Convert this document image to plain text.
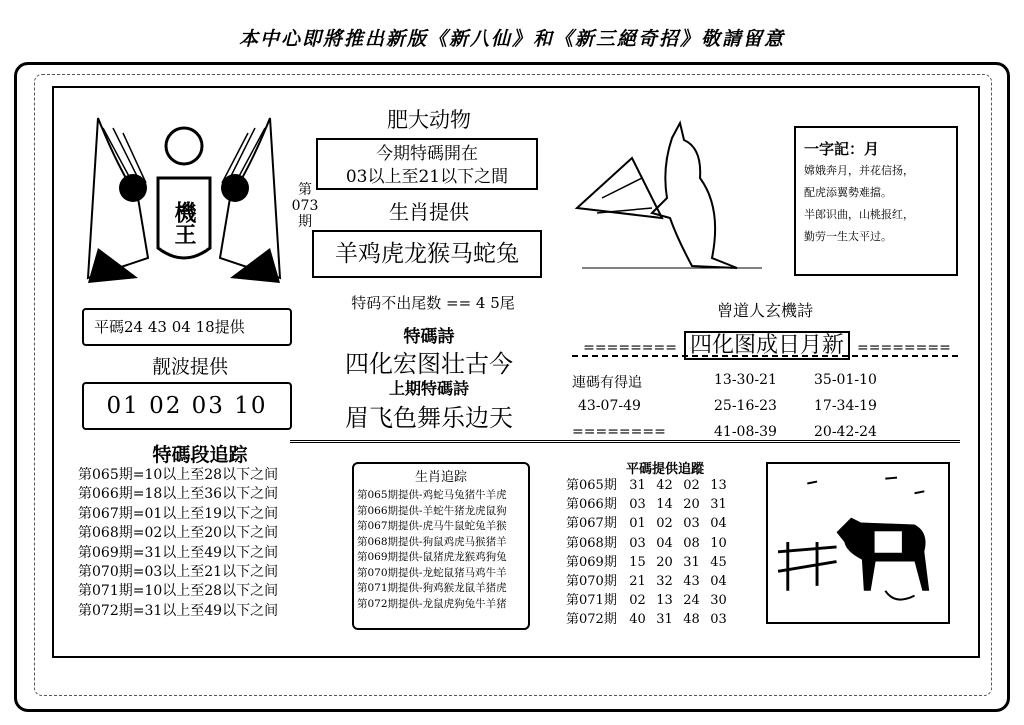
本中心即將推出新版《新八仙》和《新三絕奇招》敬請留意
機王
第
073
期
肥大动物
今期特碼開在
03以上至21以下之間
生肖提供
羊鸡虎龙猴马蛇兔
特码不出尾数 == 4 5尾
特碼詩
四化宏图壮古今
上期特碼詩
眉飞色舞乐边天
平碼24 43 04 18提供
靓波提供
01 02 03 10
一字記：月
嫦娥奔月，并花信扬，
配虎添翼勢难擋。
半郎识曲，山桃报红，
勤劳一生太平过。
曾道人玄機詩
======== 四化图成日月新 ========
連碼有得追	13-30-21	35-01-10
43-07-49	25-16-23	17-34-19
========	41-08-39	20-42-24
特碼段追踪
第065期=10以上至28以下之间
第066期=18以上至36以下之间
第067期=01以上至19以下之间
第068期=02以上至20以下之间
第069期=31以上至49以下之间
第070期=03以上至21以下之间
第071期=10以上至28以下之间
第072期=31以上至49以下之间
生肖追踪
第065期提供-鸡蛇马兔猪牛羊虎
第066期提供-羊蛇牛猪龙虎鼠狗
第067期提供-虎马牛鼠蛇兔羊猴
第068期提供-狗鼠鸡虎马猴猪羊
第069期提供-鼠猪虎龙猴鸡狗兔
第070期提供-龙蛇鼠猪马鸡牛羊
第071期提供-狗鸡猴龙鼠羊猪虎
第072期提供-龙鼠虎狗兔牛羊猪
平碼提供追蹤
第065期 31 42 02 13
第066期 03 14 20 31
第067期 01 02 03 04
第068期 03 04 08 10
第069期 15 20 31 45
第070期 21 32 43 04
第071期 02 13 24 30
第072期 40 31 48 03
